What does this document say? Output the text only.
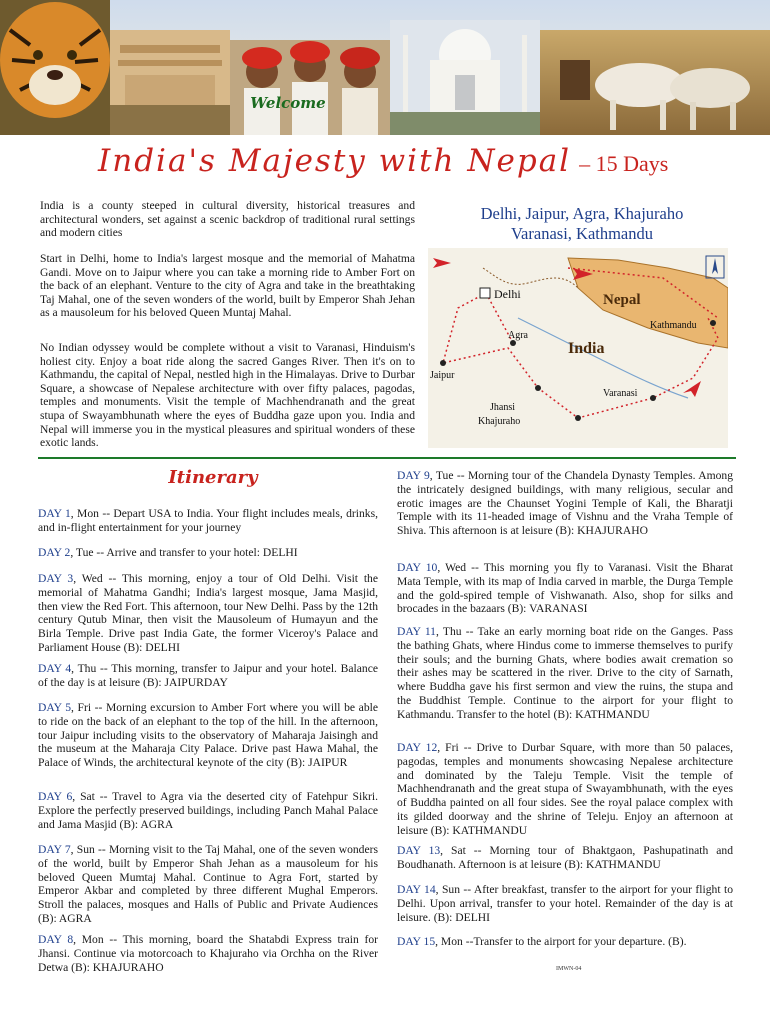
Welcome
India's Majesty with Nepal – 15 Days
India is a county steeped in cultural diversity, historical treasures and architectural wonders, set against a scenic backdrop of traditional rural settings and modern cities
Start in Delhi, home to India's largest mosque and the memorial of Mahatma Gandi. Move on to Jaipur where you can take a morning ride to Amber Fort on the back of an elephant. Venture to the city of Agra and take in the breathtaking Taj Mahal, one of the seven wonders of the world, built by Emperor Shah Jehan as a mausoleum for his beloved Queen Muntaj Mahal.
No Indian odyssey would be complete without a visit to Varanasi, Hinduism's holiest city. Enjoy a boat ride along the sacred Ganges River. Then it's on to Kathmandu, the capital of Nepal, nestled high in the Himalayas. Drive to Durbar Square, a showcase of Nepalese architecture with over fifty palaces, pagodas, temples and monuments. Visit the temple of Machhendranath and the great stupa of Swayambhunath where the eyes of Buddha gaze upon you. India and Nepal will immerse you in the mystical pleasures and spiritual wonders of these exotic lands.
Delhi, Jaipur, Agra, Khajuraho
Varanasi, Kathmandu
Delhi	Nepal
Kathmandu
India
Agra
Jaipur
Varanasi
Jhansi
Khajuraho
Itinerary
DAY 1, Mon -- Depart USA to India. Your flight includes meals, drinks, and in-flight entertainment for your journey
DAY 2, Tue -- Arrive and transfer to your hotel: DELHI
DAY 3, Wed -- This morning, enjoy a tour of Old Delhi. Visit the memorial of Mahatma Gandhi; India's largest mosque, Jama Masjid, then view the Red Fort. This afternoon, tour New Delhi. Pass by the 12th century Qutub Minar, then visit the Mausoleum of Humayun and the Birla Temple. Drive past India Gate, the former Viceroy's Palace and Parliament House (B): DELHI
DAY 4, Thu -- This morning, transfer to Jaipur and your hotel. Balance of the day is at leisure (B): JAIPURDAY
DAY 5, Fri -- Morning excursion to Amber Fort where you will be able to ride on the back of an elephant to the top of the hill. In the afternoon, tour Jaipur including visits to the observatory of Maharaja Jaisingh and the museum at the Maharaja City Palace. Drive past Hawa Mahal, the Palace of Winds, the architectural keynote of the city (B): JAIPUR
DAY 6, Sat -- Travel to Agra via the deserted city of Fatehpur Sikri. Explore the perfectly preserved buildings, including Panch Mahal Palace and Jama Masjid (B): AGRA
DAY 7, Sun -- Morning visit to the Taj Mahal, one of the seven wonders of the world, built by Emperor Shah Jehan as a mausoleum for his beloved Queen Mumtaj Mahal. Continue to Agra Fort, started by Emperor Akbar and completed by three different Mughal Emperors. Stroll the palaces, mosques and Halls of Public and Private Audiences (B): AGRA
DAY 8, Mon -- This morning, board the Shatabdi Express train for Jhansi. Continue via motorcoach to Khajuraho via Orchha on the River Detwa (B): KHAJURAHO
DAY 9, Tue -- Morning tour of the Chandela Dynasty Temples. Among the intricately designed buildings, with many religious, secular and erotic images are the Chaunset Yogini Temple of Kali, the Bharatji Temple with its 11-headed image of Vishnu and the Vraha Temple of Shiva. This afternoon is at leisure (B): KHAJURAHO
DAY 10, Wed -- This morning you fly to Varanasi. Visit the Bharat Mata Temple, with its map of India carved in marble, the Durga Temple and the gold-spired temple of Vishwanath. Also, shop for silks and brocades in the bazaars (B): VARANASI
DAY 11, Thu -- Take an early morning boat ride on the Ganges. Pass the bathing Ghats, where Hindus come to immerse themselves to purify their souls; and the burning Ghats, where bodies await cremation so their ashes may be scattered in the river. Drive to the city of Sarnath, where Buddha gave his first sermon and view the ruins, the stupa and the Buddhist Temple. Continue to the airport for your flight to Kathmandu. Transfer to the hotel (B): KATHMANDU
DAY 12, Fri -- Drive to Durbar Square, with more than 50 palaces, pagodas, temples and monuments showcasing Nepalese architecture and dominated by the Taleju Temple. Visit the temple of Machhendranath and the great stupa of Swayambhunath, with the eyes of Buddha painted on all four sides. See the royal palace complex with its gilded doorway and the shrine of Teleju. Enjoy an afternoon at leisure (B): KATHMANDU
DAY 13, Sat -- Morning tour of Bhaktgaon, Pashupatinath and Boudhanath. Afternoon is at leisure (B): KATHMANDU
DAY 14, Sun -- After breakfast, transfer to the airport for your flight to Delhi. Upon arrival, transfer to your hotel. Remainder of the day is at leisure. (B): DELHI
DAY 15, Mon --Transfer to the airport for your departure. (B).
IMWN-04
